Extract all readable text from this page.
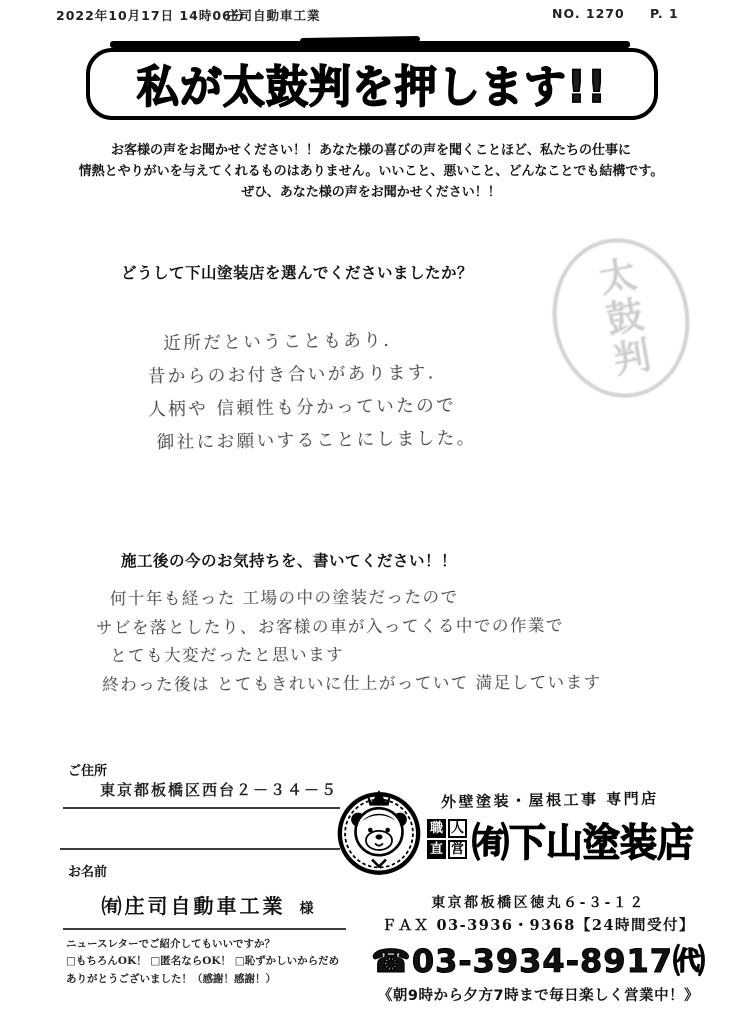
2022年10月17日 14時06分
庄司自動車工業	NO. 1270 P. 1
私が太鼓判を押します!!
お客様の声をお聞かせください！！あなた様の喜びの声を聞くことほど、私たちの仕事に
情熱とやりがいを与えてくれるものはありません。いいこと、悪いこと、どんなことでも結構です。
ぜひ、あなた様の声をお聞かせください！！
どうして下山塗装店を選んでくださいましたか？
近所だということもあり.
昔からのお付き合いがあります.
人柄や 信頼性も分かっていたので
御社にお願いすることにしました。
太鼓判
施工後の今のお気持ちを、書いてください！！
何十年も経った 工場の中の塗装だったので
サビを落としたり、お客様の車が入ってくる中での作業で
とても大変だったと思います
終わった後は とてもきれいに仕上がっていて 満足しています
ご住所
東京都板橋区西台２－３４－５
お名前
㈲庄司自動車工業 様
ニュースレターでご紹介してもいいですか？
□もちろんOK！ □匿名ならOK！ □恥ずかしいからだめ
ありがとうございました！（感謝！感謝！）
外壁塗装・屋根工事 専門店
職 人
直 営 ㈲下山塗装店
東京都板橋区徳丸６-３-１２
ＦＡＸ 03-3936・9368【24時間受付】
☎03-3934-8917㈹
《朝9時から夕方7時まで毎日楽しく営業中！》
